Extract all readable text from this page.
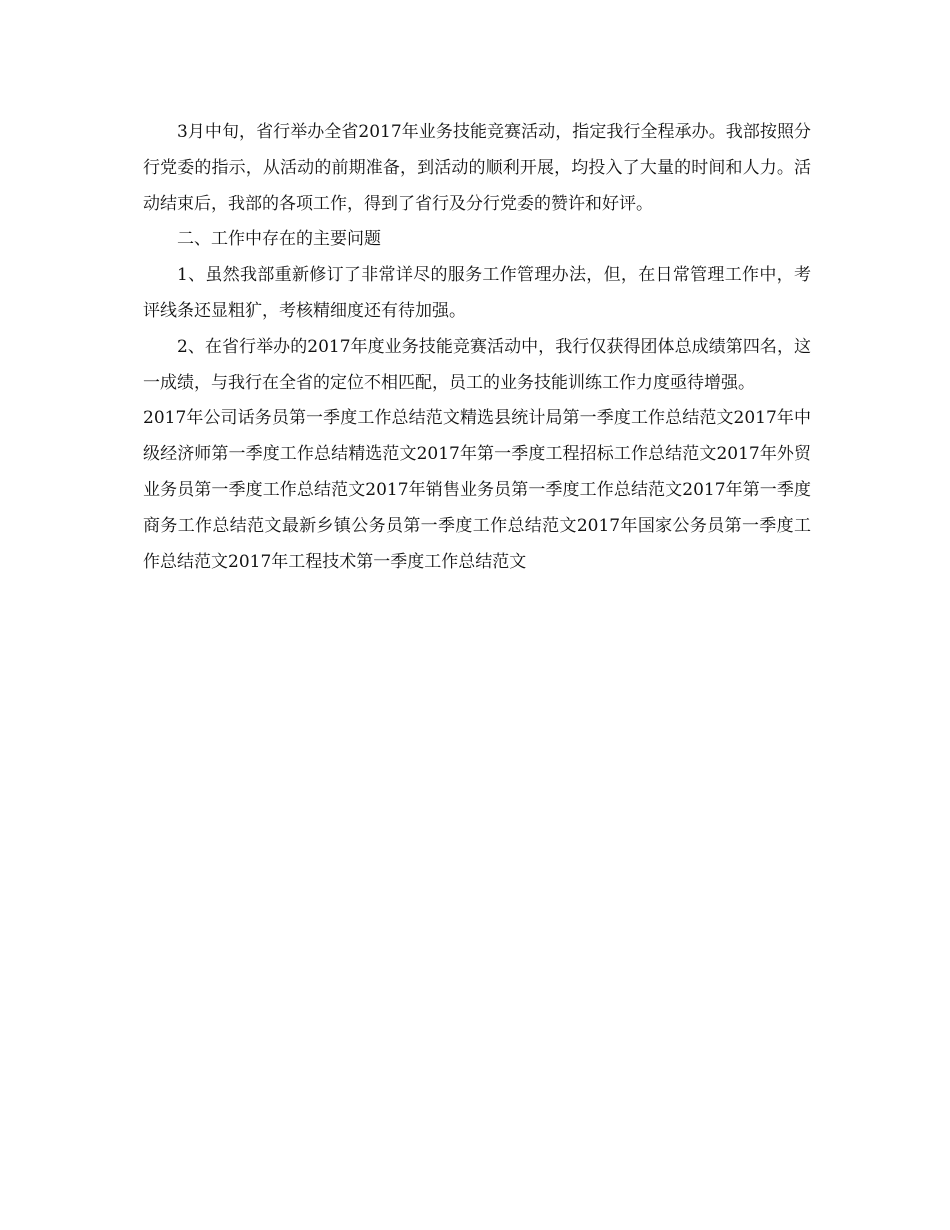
3月中旬，省行举办全省2017年业务技能竞赛活动，指定我行全程承办。我部按照分行党委的指示，从活动的前期准备，到活动的顺利开展，均投入了大量的时间和人力。活动结束后，我部的各项工作，得到了省行及分行党委的赞许和好评。

二、工作中存在的主要问题

1、虽然我部重新修订了非常详尽的服务工作管理办法，但，在日常管理工作中，考评线条还显粗犷，考核精细度还有待加强。

2、在省行举办的2017年度业务技能竞赛活动中，我行仅获得团体总成绩第四名，这一成绩，与我行在全省的定位不相匹配，员工的业务技能训练工作力度亟待增强。

2017年公司话务员第一季度工作总结范文精选县统计局第一季度工作总结范文2017年中级经济师第一季度工作总结精选范文2017年第一季度工程招标工作总结范文2017年外贸业务员第一季度工作总结范文2017年销售业务员第一季度工作总结范文2017年第一季度商务工作总结范文最新乡镇公务员第一季度工作总结范文2017年国家公务员第一季度工作总结范文2017年工程技术第一季度工作总结范文
